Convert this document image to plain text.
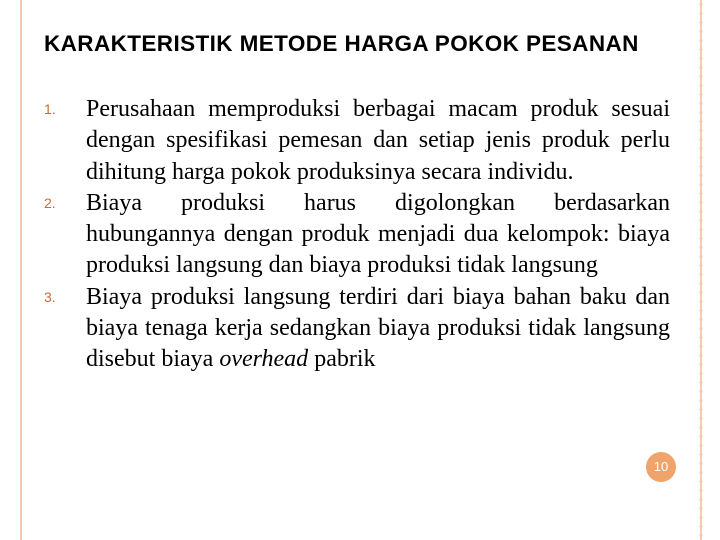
KARAKTERISTIK METODE HARGA POKOK PESANAN
1. Perusahaan memproduksi berbagai macam produk sesuai dengan spesifikasi pemesan dan setiap jenis produk perlu dihitung harga pokok produksinya secara individu.
2. Biaya produksi harus digolongkan berdasarkan hubungannya dengan produk menjadi dua kelompok: biaya produksi langsung dan biaya produksi tidak langsung
3. Biaya produksi langsung terdiri dari biaya bahan baku dan biaya tenaga kerja sedangkan biaya produksi tidak langsung disebut biaya overhead pabrik
10
